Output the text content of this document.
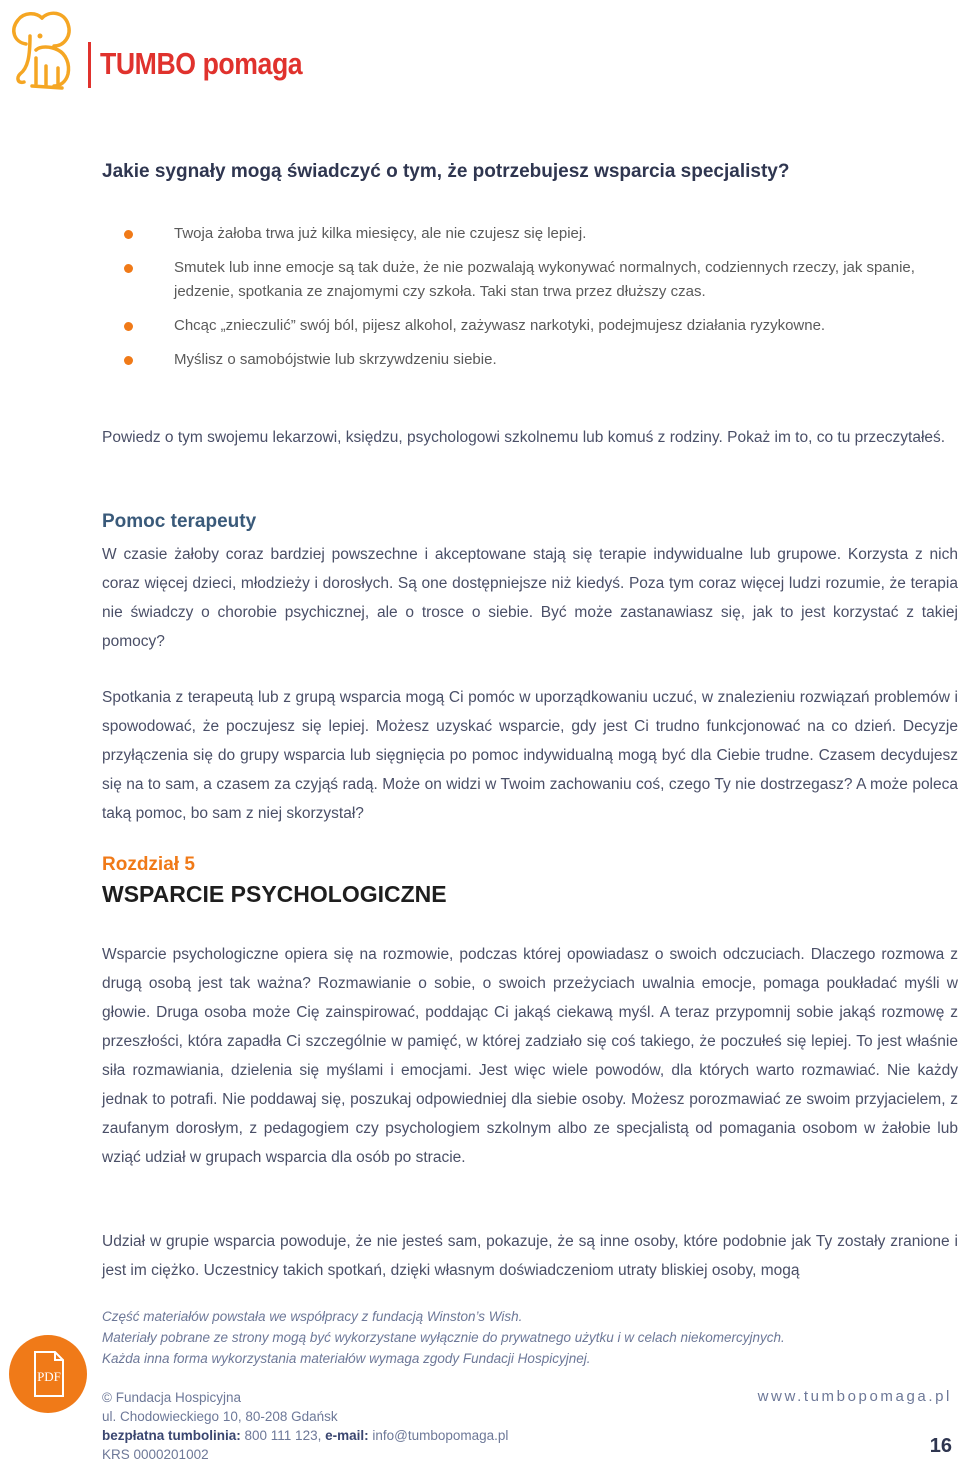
TUMBO pomaga
Jakie sygnały mogą świadczyć o tym, że potrzebujesz wsparcia specjalisty?
Twoja żałoba trwa już kilka miesięcy, ale nie czujesz się lepiej.
Smutek lub inne emocje są tak duże, że nie pozwalają wykonywać normalnych, codziennych rzeczy, jak spanie, jedzenie, spotkania ze znajomymi czy szkoła. Taki stan trwa przez dłuższy czas.
Chcąc „znieczulić” swój ból, pijesz alkohol, zażywasz narkotyki, podejmujesz działania ryzykowne.
Myślisz o samobójstwie lub skrzywdzeniu siebie.

Powiedz o tym swojemu lekarzowi, księdzu, psychologowi szkolnemu lub komuś z rodziny. Pokaż im to, co tu przeczytałeś.

Pomoc terapeuty

W czasie żałoby coraz bardziej powszechne i akceptowane stają się terapie indywidualne lub grupowe. Korzysta z nich coraz więcej dzieci, młodzieży i dorosłych. Są one dostępniejsze niż kiedyś. Poza tym coraz więcej ludzi rozumie, że terapia nie świadczy o chorobie psychicznej, ale o trosce o siebie. Być może zastanawiasz się, jak to jest korzystać z takiej pomocy?

Spotkania z terapeutą lub z grupą wsparcia mogą Ci pomóc w uporządkowaniu uczuć, w znalezieniu rozwiązań problemów i spowodować, że poczujesz się lepiej. Możesz uzyskać wsparcie, gdy jest Ci trudno funkcjonować na co dzień. Decyzje przyłączenia się do grupy wsparcia lub sięgnięcia po pomoc indywidualną mogą być dla Ciebie trudne. Czasem decydujesz się na to sam, a czasem za czyjąś radą. Może on widzi w Twoim zachowaniu coś, czego Ty nie dostrzegasz? A może poleca taką pomoc, bo sam z niej skorzystał?

Rozdział 5
WSPARCIE PSYCHOLOGICZNE

Wsparcie psychologiczne opiera się na rozmowie, podczas której opowiadasz o swoich odczuciach. Dlaczego rozmowa z drugą osobą jest tak ważna? Rozmawianie o sobie, o swoich przeżyciach uwalnia emocje, pomaga poukładać myśli w głowie. Druga osoba może Cię zainspirować, poddając Ci jakąś ciekawą myśl. A teraz przypomnij sobie jakąś rozmowę z przeszłości, która zapadła Ci szczególnie w pamięć, w której zadziało się coś takiego, że poczułeś się lepiej. To jest właśnie siła rozmawiania, dzielenia się myślami i emocjami. Jest więc wiele powodów, dla których warto rozmawiać. Nie każdy jednak to potrafi. Nie poddawaj się, poszukaj odpowiedniej dla siebie osoby. Możesz porozmawiać ze swoim przyjacielem, z zaufanym dorosłym, z pedagogiem czy psychologiem szkolnym albo ze specjalistą od pomagania osobom w żałobie lub wziąć udział w grupach wsparcia dla osób po stracie.

Udział w grupie wsparcia powoduje, że nie jesteś sam, pokazuje, że są inne osoby, które podobnie jak Ty zostały zranione i jest im ciężko. Uczestnicy takich spotkań, dzięki własnym doświadczeniom utraty bliskiej osoby, mogą

Część materiałów powstała we współpracy z fundacją Winston’s Wish.
Materiały pobrane ze strony mogą być wykorzystane wyłącznie do prywatnego użytku i w celach niekomercyjnych.
Każda inna forma wykorzystania materiałów wymaga zgody Fundacji Hospicyjnej.
PDF
© Fundacja Hospicyjna
ul. Chodowieckiego 10, 80-208 Gdańsk
bezpłatna tumbolinia: 800 111 123, e-mail: info@tumbopomaga.pl
KRS 0000201002
www.tumbopomaga.pl
16
